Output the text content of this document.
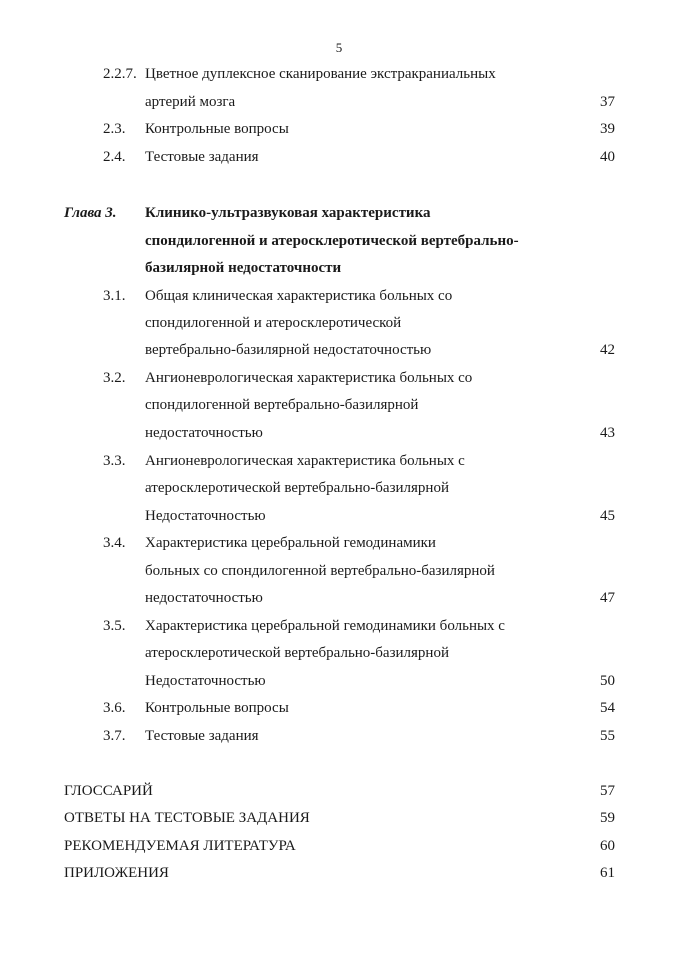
5
2.2.7. Цветное дуплексное сканирование экстракраниальных
артерий мозга	37
2.3. Контрольные вопросы	39
2.4. Тестовые задания	40
Глава 3. Клинико-ультразвуковая характеристика
спондилогенной и атеросклеротической вертебрально-
базилярной недостаточности
3.1. Общая клиническая характеристика больных со
спондилогенной и атеросклеротической
вертебрально-базилярной недостаточностью	42
3.2. Ангионеврологическая характеристика больных со
спондилогенной вертебрально-базилярной
недостаточностью	43
3.3. Ангионеврологическая характеристика больных с
атеросклеротической вертебрально-базилярной
Недостаточностью	45
3.4. Характеристика церебральной гемодинамики
больных со спондилогенной вертебрально-базилярной
недостаточностью	47
3.5. Характеристика церебральной гемодинамики больных с
атеросклеротической вертебрально-базилярной
Недостаточностью	50
3.6. Контрольные вопросы	54
3.7. Тестовые задания	55
ГЛОССАРИЙ	57
ОТВЕТЫ НА ТЕСТОВЫЕ ЗАДАНИЯ	59
РЕКОМЕНДУЕМАЯ ЛИТЕРАТУРА	60
ПРИЛОЖЕНИЯ	61
